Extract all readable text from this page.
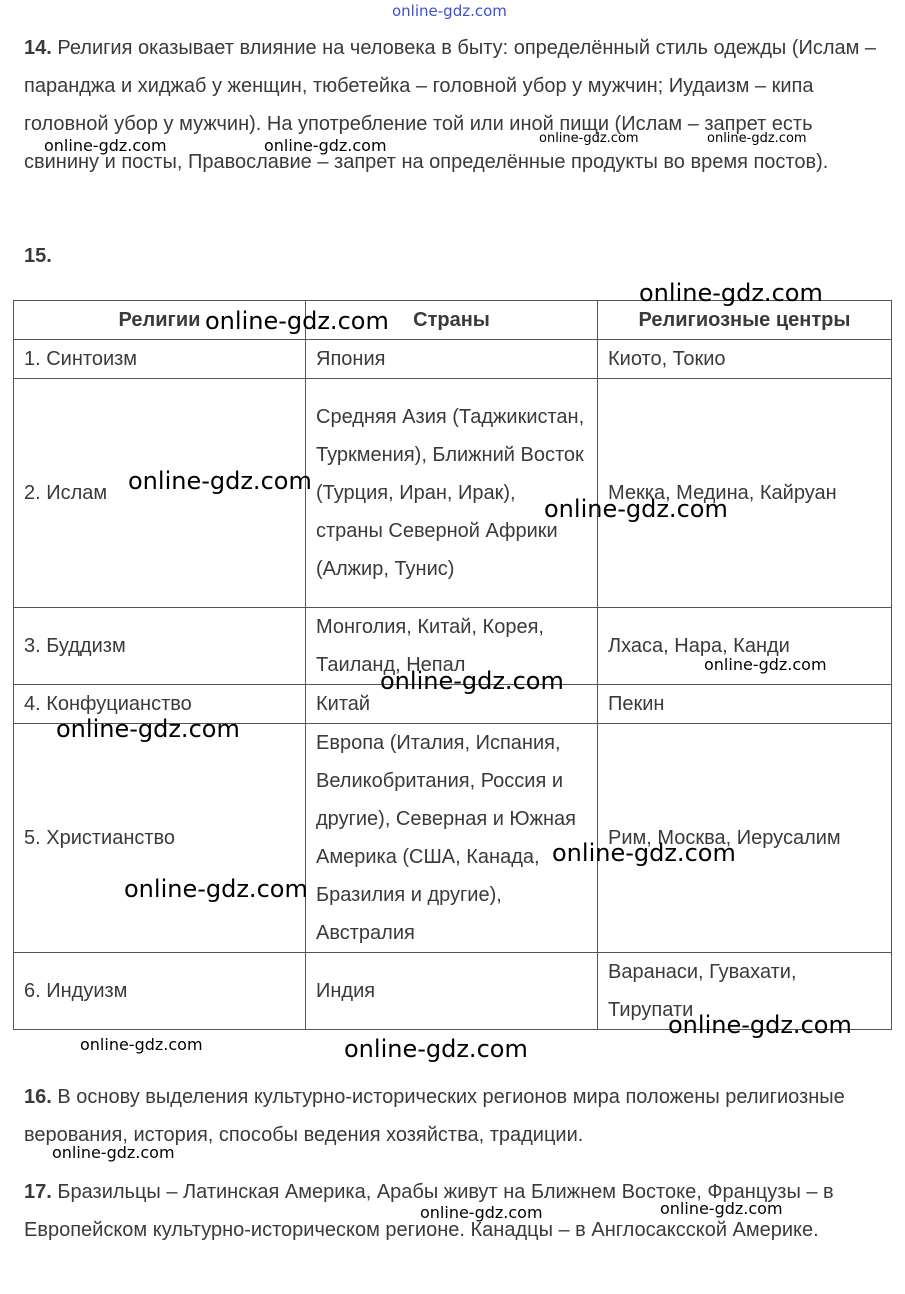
14. Религия оказывает влияние на человека в быту: определённый стиль одежды (Ислам – паранджа и хиджаб у женщин, тюбетейка – головной убор у мужчин; Иудаизм – кипа головной убор у мужчин). На употребление той или иной пищи (Ислам – запрет есть свинину и посты, Православие – запрет на определённые продукты во время постов).

15.

Религии	Страны	Религиозные центры
1. Синтоизм	Япония	Киото, Токио
2. Ислам	Средняя Азия (Таджикистан, Туркмения), Ближний Восток (Турция, Иран, Ирак), страны Северной Африки (Алжир, Тунис)	Мекка, Медина, Кайруан
3. Буддизм	Монголия, Китай, Корея, Таиланд, Непал	Лхаса, Нара, Канди
4. Конфуцианство	Китай	Пекин
5. Христианство	Европа (Италия, Испания, Великобритания, Россия и другие), Северная и Южная Америка (США, Канада, Бразилия и другие), Австралия	Рим, Москва, Иерусалим
6. Индуизм	Индия	Варанаси, Гувахати, Тирупати

16. В основу выделения культурно-исторических регионов мира положены религиозные верования, история, способы ведения хозяйства, традиции.

17. Бразильцы – Латинская Америка, Арабы живут на Ближнем Востоке, Французы – в Европейском культурно-историческом регионе. Канадцы – в Англосаксской Америке.

online-gdz.com
online-gdz.com	online-gdz.com	online-gdz.com	online-gdz.com
online-gdz.com
online-gdz.com
online-gdz.com
online-gdz.com
online-gdz.com
online-gdz.com
online-gdz.com
online-gdz.com
online-gdz.com
online-gdz.com
online-gdz.com	online-gdz.com
online-gdz.com
online-gdz.com	online-gdz.com
